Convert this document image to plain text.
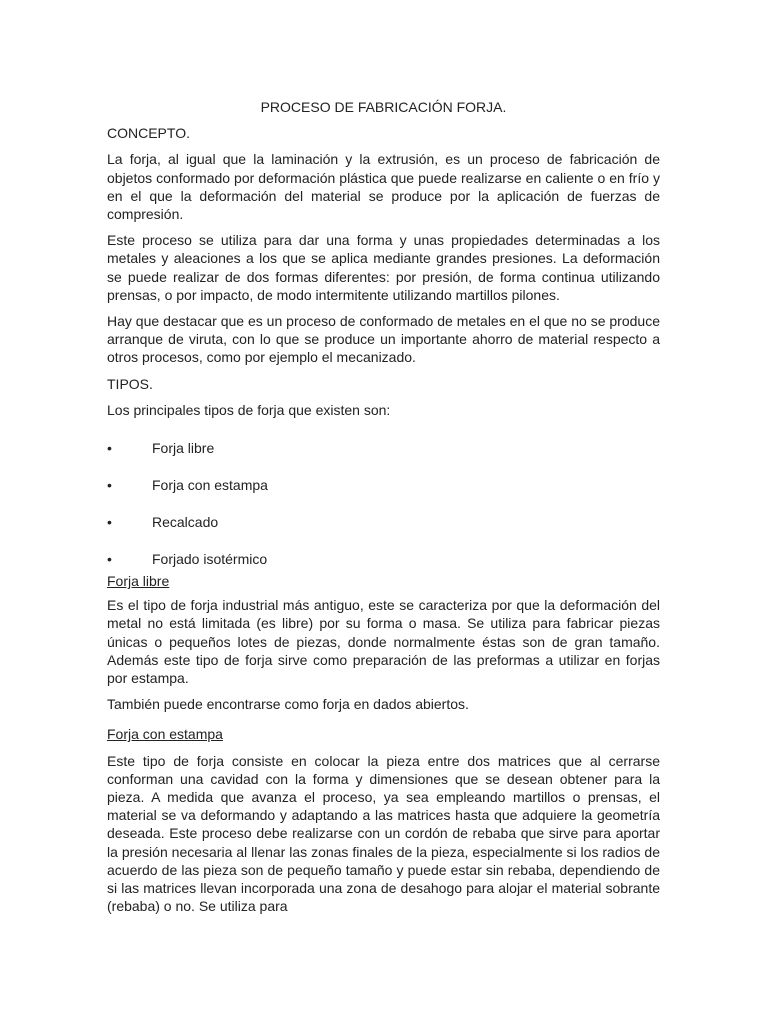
PROCESO DE FABRICACIÓN FORJA.
CONCEPTO.

La forja, al igual que la laminación y la extrusión, es un proceso de fabricación de objetos conformado por deformación plástica que puede realizarse en caliente o en frío y en el que la deformación del material se produce por la aplicación de fuerzas de compresión.

Este proceso se utiliza para dar una forma y unas propiedades determinadas a los metales y aleaciones a los que se aplica mediante grandes presiones. La deformación se puede realizar de dos formas diferentes: por presión, de forma continua utilizando prensas, o por impacto, de modo intermitente utilizando martillos pilones.

Hay que destacar que es un proceso de conformado de metales en el que no se produce arranque de viruta, con lo que se produce un importante ahorro de material respecto a otros procesos, como por ejemplo el mecanizado.

TIPOS.

Los principales tipos de forja que existen son:

•	Forja libre
•	Forja con estampa
•	Recalcado
•	Forjado isotérmico
Forja libre

Es el tipo de forja industrial más antiguo, este se caracteriza por que la deformación del metal no está limitada (es libre) por su forma o masa. Se utiliza para fabricar piezas únicas o pequeños lotes de piezas, donde normalmente éstas son de gran tamaño. Además este tipo de forja sirve como preparación de las preformas a utilizar en forjas por estampa.

También puede encontrarse como forja en dados abiertos.

Forja con estampa

Este tipo de forja consiste en colocar la pieza entre dos matrices que al cerrarse conforman una cavidad con la forma y dimensiones que se desean obtener para la pieza. A medida que avanza el proceso, ya sea empleando martillos o prensas, el material se va deformando y adaptando a las matrices hasta que adquiere la geometría deseada. Este proceso debe realizarse con un cordón de rebaba que sirve para aportar la presión necesaria al llenar las zonas finales de la pieza, especialmente si los radios de acuerdo de las pieza son de pequeño tamaño y puede estar sin rebaba, dependiendo de si las matrices llevan incorporada una zona de desahogo para alojar el material sobrante (rebaba) o no. Se utiliza para
